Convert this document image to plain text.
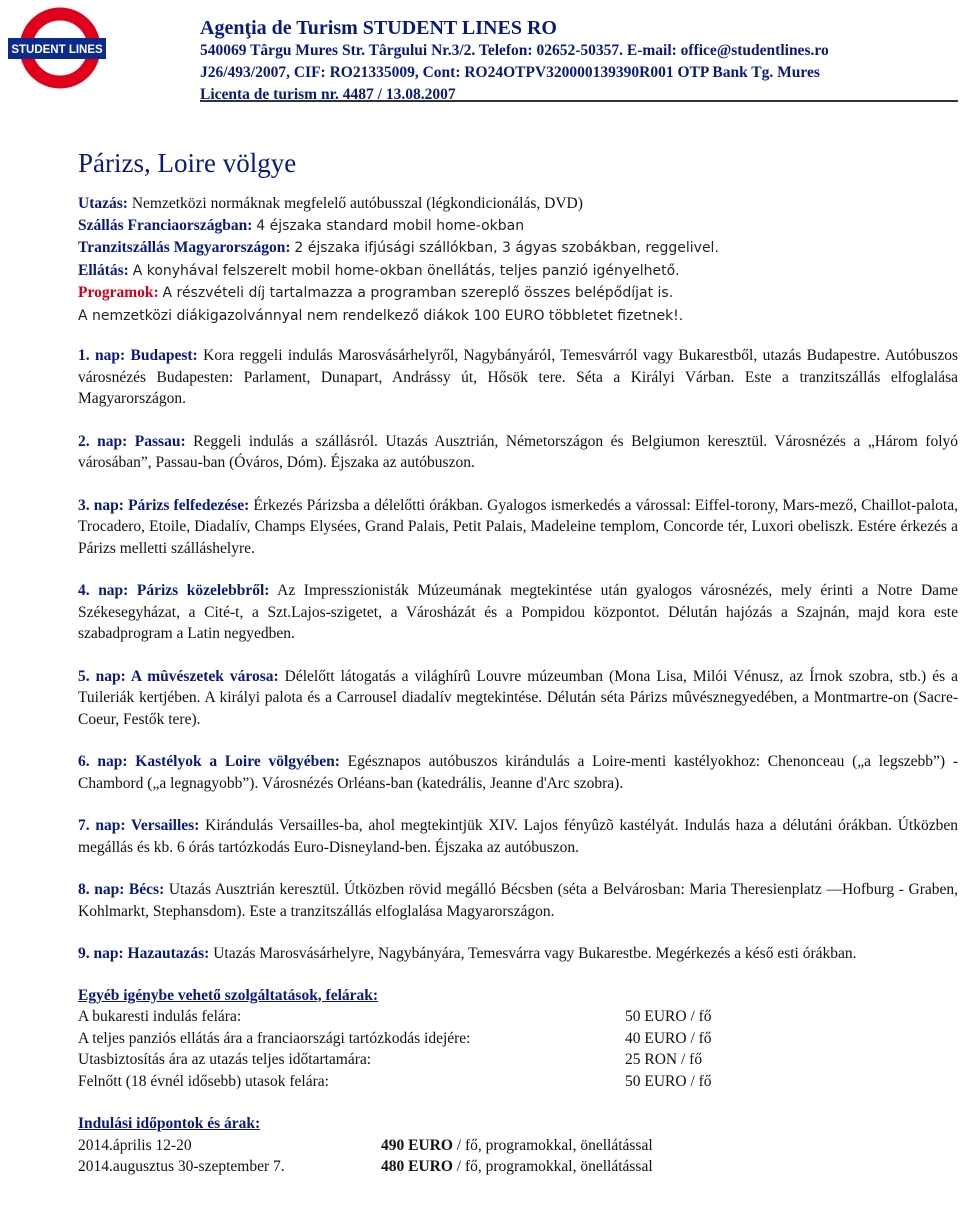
STUDENT LINES
Agenţia de Turism STUDENT LINES RO
540069 Târgu Mures Str. Târgului Nr.3/2. Telefon: 02652-50357. E-mail: office@studentlines.ro
J26/493/2007, CIF: RO21335009, Cont: RO24OTPV320000139390R001 OTP Bank Tg. Mures
Licenta de turism nr. 4487 / 13.08.2007
Párizs, Loire völgye

Utazás: Nemzetközi normáknak megfelelő autóbusszal (légkondicionálás, DVD)

Szállás Franciaországban: 4 éjszaka standard mobil home-okban

Tranzitszállás Magyarországon: 2 éjszaka ifjúsági szállókban, 3 ágyas szobákban, reggelivel.

Ellátás: A konyhával felszerelt mobil home-okban önellátás, teljes panzió igényelhető.

Programok: A részvételi díj tartalmazza a programban szereplő összes belépődíjat is.

A nemzetközi diákigazolvánnyal nem rendelkező diákok 100 EURO többletet fizetnek!.

1. nap: Budapest: Kora reggeli indulás Marosvásárhelyről, Nagybányáról, Temesvárról vagy Bukarestből, utazás Budapestre. Autóbuszos városnézés Budapesten: Parlament, Dunapart, Andrássy út, Hősök tere. Séta a Királyi Várban. Este a tranzitszállás elfoglalása Magyarországon.

2. nap: Passau: Reggeli indulás a szállásról. Utazás Ausztrián, Németországon és Belgiumon keresztül. Városnézés a „Három folyó városában”, Passau-ban (Óváros, Dóm). Éjszaka az autóbuszon.

3. nap: Párizs felfedezése: Érkezés Párizsba a délelőtti órákban. Gyalogos ismerkedés a várossal: Eiffel-torony, Mars-mező, Chaillot-palota, Trocadero, Etoile, Diadalív, Champs Elysées, Grand Palais, Petit Palais, Madeleine templom, Concorde tér, Luxori obeliszk. Estére érkezés a Párizs melletti szálláshelyre.

4. nap: Párizs közelebbről: Az Impresszionisták Múzeumának megtekintése után gyalogos városnézés, mely érinti a Notre Dame Székesegyházat, a Cité-t, a Szt.Lajos-szigetet, a Városházát és a Pompidou központot. Délután hajózás a Szajnán, majd kora este szabadprogram a Latin negyedben.

5. nap: A mûvészetek városa: Délelőtt látogatás a világhírû Louvre múzeumban (Mona Lisa, Milói Vénusz, az Írnok szobra, stb.) és a Tuileriák kertjében. A királyi palota és a Carrousel diadalív megtekintése. Délután séta Párizs mûvésznegyedében, a Montmartre-on (Sacre-Coeur, Festők tere).

6. nap: Kastélyok a Loire völgyében: Egésznapos autóbuszos kirándulás a Loire-menti kastélyokhoz: Chenonceau („a legszebb”) - Chambord („a legnagyobb”). Városnézés Orléans-ban (katedrális, Jeanne d'Arc szobra).

7. nap: Versailles: Kirándulás Versailles-ba, ahol megtekintjük XIV. Lajos fényûzõ kastélyát. Indulás haza a délutáni órákban. Útközben megállás és kb. 6 órás tartózkodás Euro-Disneyland-ben. Éjszaka az autóbuszon.

8. nap: Bécs: Utazás Ausztrián keresztül. Útközben rövid megálló Bécsben (séta a Belvárosban: Maria Theresienplatz —Hofburg - Graben, Kohlmarkt, Stephansdom). Este a tranzitszállás elfoglalása Magyarországon.

9. nap: Hazautazás: Utazás Marosvásárhelyre, Nagybányára, Temesvárra vagy Bukarestbe. Megérkezés a késő esti órákban.

Egyéb igénybe vehető szolgáltatások, felárak:

A bukaresti indulás felára:	50 EURO / fő
A teljes panziós ellátás ára a franciaországi tartózkodás idejére:	40 EURO / fő
Utasbiztosítás ára az utazás teljes időtartamára:	25 RON / fő
Felnőtt (18 évnél idősebb) utasok felára:	50 EURO / fő

Indulási időpontok és árak:

2014.április 12-20	490 EURO / fő, programokkal, önellátással
2014.augusztus 30-szeptember 7.	480 EURO / fő, programokkal, önellátással
